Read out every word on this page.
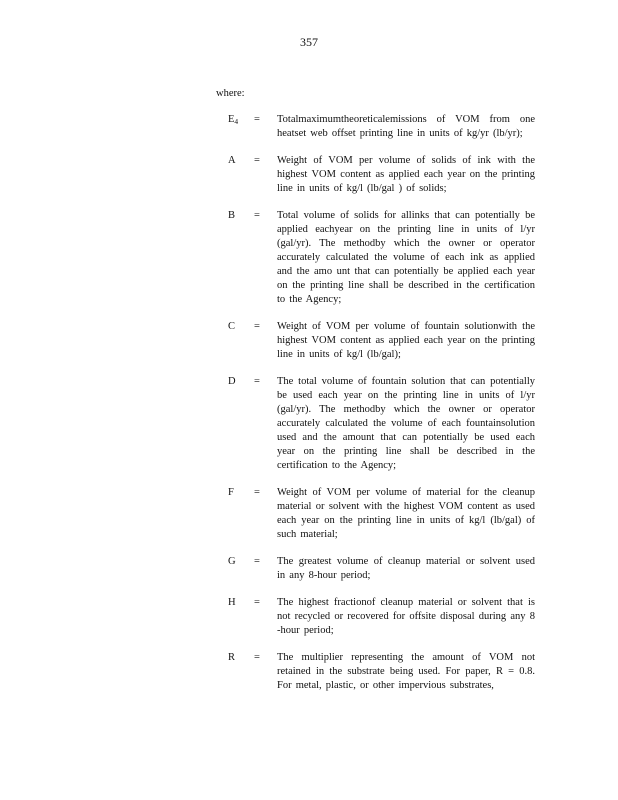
357
where:
$E_4$	=	Totalmaximumtheoreticalemissions of VOM from one heatset web offset printing line in units of kg/yr (lb/yr);
A	=	Weight of VOM per volume of solids of ink with the highest VOM content as applied each year on the printing line in units of kg/l (lb/gal ) of solids;
B	=	Total volume of solids for allinks that can potentially be applied eachyear on the printing line in units of l/yr (gal/yr). The methodby which the owner or operator accurately calculated the volume of each ink as applied and the amo unt that can potentially be applied each year on the printing line shall be described in the certification to the Agency;
C	=	Weight of VOM per volume of fountain solutionwith the highest VOM content as applied each year on the printing line in units of kg/l (lb/gal);
D	=	The total volume of fountain solution that can potentially be used each year on the printing line in units of l/yr (gal/yr). The methodby which the owner or operator accurately calculated the volume of each fountainsolution used and the amount that can potentially be used each year on the printing line shall be described in the certification to the Agency;
F	=	Weight of VOM per volume of material for the cleanup material or solvent with the highest VOM content as used each year on the printing line in units of kg/l (lb/gal) of such material;
G	=	The greatest volume of cleanup material or solvent used in any 8-hour period;
H	=	The highest fractionof cleanup material or solvent that is not recycled or recovered for offsite disposal during any 8 -hour period;
R	=	The multiplier representing the amount of VOM not retained in the substrate being used. For paper, R = 0.8. For metal, plastic, or other impervious substrates,
